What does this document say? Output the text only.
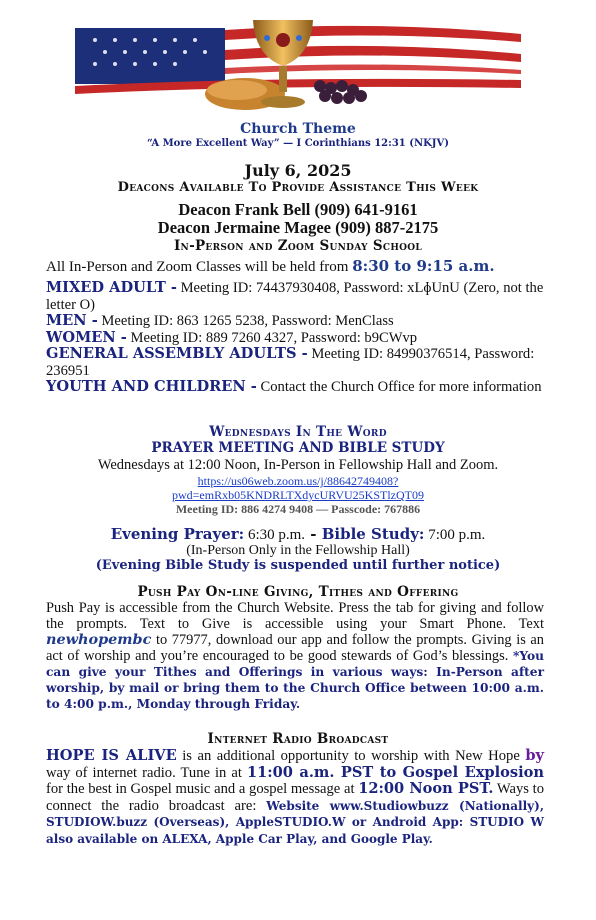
Church Theme
“A More Excellent Way” — I Corinthians 12:31 (NKJV)
July 6, 2025
Deacons Available To Provide Assistance This Week
Deacon Frank Bell (909) 641-9161
Deacon Jermaine Magee (909) 887-2175
In-Person and Zoom Sunday School
All In-Person and Zoom Classes will be held from 8:30 to 9:15 a.m.
MIXED ADULT - Meeting ID: 74437930408, Password: xLɸUnU (Zero, not the letter O)
MEN - Meeting ID: 863 1265 5238, Password: MenClass
WOMEN - Meeting ID: 889 7260 4327, Password: b9CWvp
GENERAL ASSEMBLY ADULTS - Meeting ID: 84990376514, Password: 236951
YOUTH AND CHILDREN - Contact the Church Office for more information
Wednesdays In The Word
PRAYER MEETING AND BIBLE STUDY
Wednesdays at 12:00 Noon, In-Person in Fellowship Hall and Zoom.
https://us06web.zoom.us/j/88642749408?
pwd=emRxb05KNDRLTXdycURVU25KSTlzQT09
Meeting ID: 886 4274 9408 — Passcode: 767886
Evening Prayer: 6:30 p.m. - Bible Study: 7:00 p.m.
(In-Person Only in the Fellowship Hall)
(Evening Bible Study is suspended until further notice)
Push Pay On-line Giving, Tithes and Offering
Push Pay is accessible from the Church Website. Press the tab for giving and follow the prompts. Text to Give is accessible using your Smart Phone. Text newhopembc to 77977, download our app and follow the prompts. Giving is an act of worship and you’re encouraged to be good stewards of God’s blessings. *You can give your Tithes and Offerings in various ways: In-Person after worship, by mail or bring them to the Church Office between 10:00 a.m. to 4:00 p.m., Monday through Friday.
Internet Radio Broadcast
HOPE IS ALIVE is an additional opportunity to worship with New Hope by way of internet radio. Tune in at 11:00 a.m. PST to Gospel Explosion for the best in Gospel music and a gospel message at 12:00 Noon PST. Ways to connect the radio broadcast are: Website www.Studiowbuzz (Nationally), STUDIOW.buzz (Overseas), AppleSTUDIO.W or Android App: STUDIO W also available on ALEXA, Apple Car Play, and Google Play.
